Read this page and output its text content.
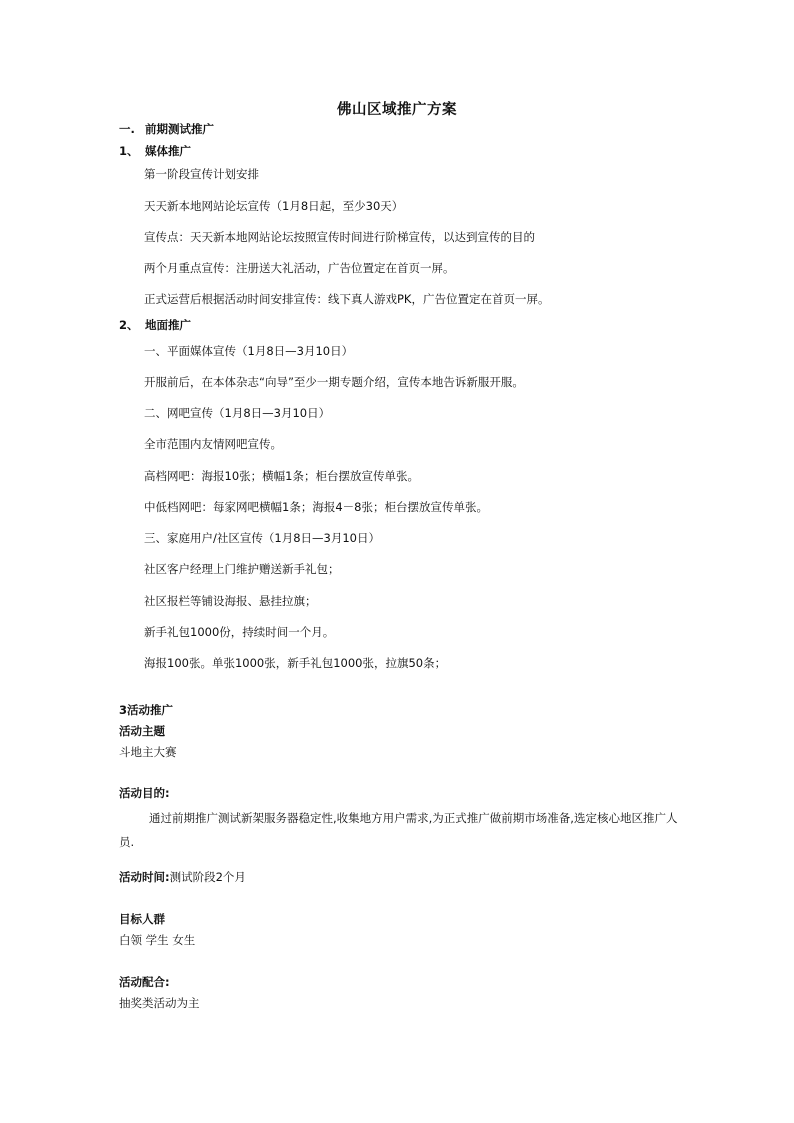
佛山区域推广方案
一. 前期测试推广
1、 媒体推广
第一阶段宣传计划安排
天天新本地网站论坛宣传（1月8日起，至少30天）
宣传点：天天新本地网站论坛按照宣传时间进行阶梯宣传，以达到宣传的目的
两个月重点宣传：注册送大礼活动，广告位置定在首页一屏。
正式运营后根据活动时间安排宣传：线下真人游戏PK，广告位置定在首页一屏。
2、 地面推广
一、平面媒体宣传（1月8日—3月10日）
开服前后，在本体杂志“向导”至少一期专题介绍，宣传本地告诉新服开服。
二、网吧宣传（1月8日—3月10日）
全市范围内友情网吧宣传。
高档网吧：海报10张；横幅1条；柜台摆放宣传单张。
中低档网吧：每家网吧横幅1条；海报4－8张；柜台摆放宣传单张。
三、家庭用户/社区宣传（1月8日—3月10日）
社区客户经理上门维护赠送新手礼包；
社区报栏等铺设海报、悬挂拉旗；
新手礼包1000份，持续时间一个月。
海报100张。单张1000张，新手礼包1000张，拉旗50条；
3活动推广
活动主题
斗地主大赛
活动目的:
通过前期推广测试新架服务器稳定性,收集地方用户需求,为正式推广做前期市场准备,选定核心地区推广人员.
活动时间:测试阶段2个月
目标人群
白领 学生 女生
活动配合:
抽奖类活动为主
